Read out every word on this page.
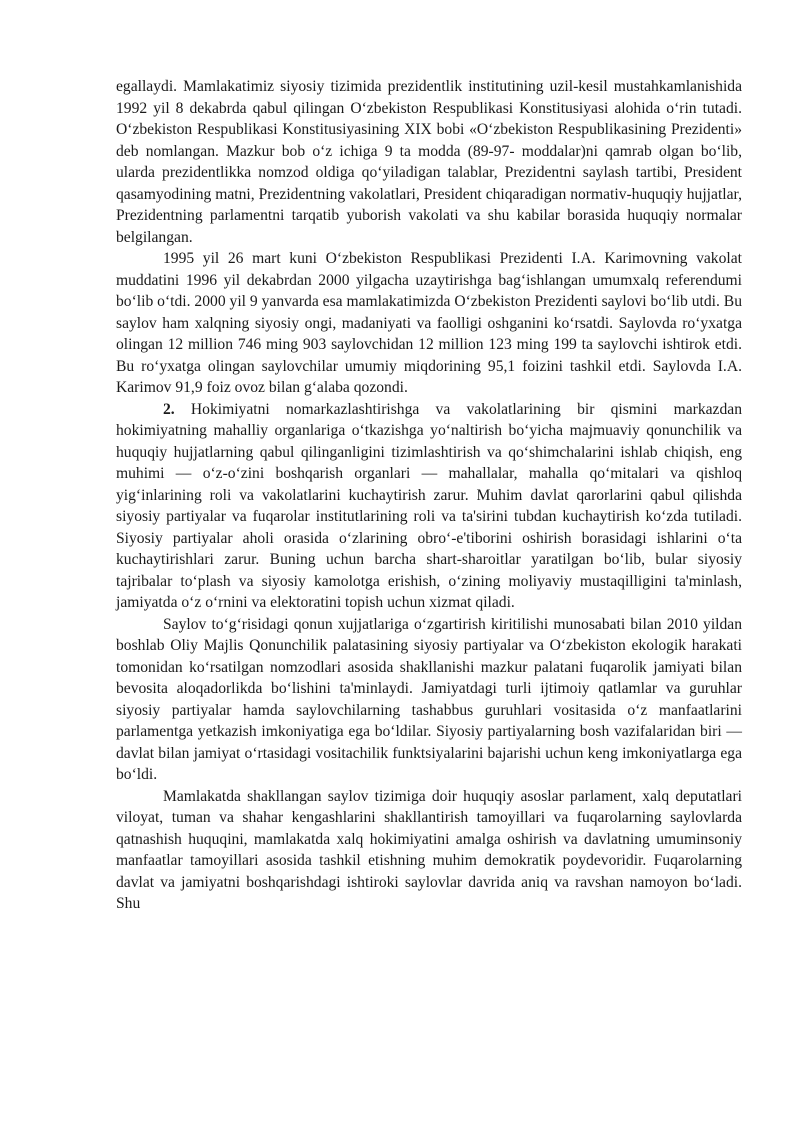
egallaydi. Mamlakatimiz siyosiy tizimida prezidentlik institutining uzil-kesil mustahkamlanishida 1992 yil 8 dekabrda qabul qilingan O‘zbekiston Respublikasi Konstitusiyasi alohida o‘rin tutadi. O‘zbekiston Respublikasi Konstitusiyasining XIX bobi «O‘zbekiston Respublikasining Prezidenti» deb nomlangan. Mazkur bob o‘z ichiga 9 ta modda (89-97- moddalar)ni qamrab olgan bo‘lib, ularda prezidentlikka nomzod oldiga qo‘yiladigan talablar, Prezidentni saylash tartibi, President qasamyodining matni, Prezidentning vakolatlari, President chiqaradigan normativ-huquqiy hujjatlar, Prezidentning parlamentni tarqatib yuborish vakolati va shu kabilar borasida huquqiy normalar belgilangan.

1995 yil 26 mart kuni O‘zbekiston Respublikasi Prezidenti I.A. Karimovning vakolat muddatini 1996 yil dekabrdan 2000 yilgacha uzaytirishga bag‘ishlangan umumxalq referendumi bo‘lib o‘tdi. 2000 yil 9 yanvarda esa mamlakatimizda O‘zbekiston Prezidenti saylovi bo‘lib utdi. Bu saylov ham xalqning siyosiy ongi, madaniyati va faolligi oshganini ko‘rsatdi. Saylovda ro‘yxatga olingan 12 million 746 ming 903 saylovchidan 12 million 123 ming 199 ta saylovchi ishtirok etdi. Bu ro‘yxatga olingan saylovchilar umumiy miqdorining 95,1 foizini tashkil etdi. Saylovda I.A. Karimov 91,9 foiz ovoz bilan g‘alaba qozondi.

2. Hokimiyatni nomarkazlashtirishga va vakolatlarining bir qismini markazdan hokimiyatning mahalliy organlariga o‘tkazishga yo‘naltirish bo‘yicha majmuaviy qonunchilik va huquqiy hujjatlarning qabul qilinganligini tizimlashtirish va qo‘shimchalarini ishlab chiqish, eng muhimi — o‘z-o‘zini boshqarish organlari — mahallalar, mahalla qo‘mitalari va qishloq yig‘inlarining roli va vakolatlarini kuchaytirish zarur. Muhim davlat qarorlarini qabul qilishda siyosiy partiyalar va fuqarolar institutlarining roli va ta'sirini tubdan kuchaytirish ko‘zda tutiladi. Siyosiy partiyalar aholi orasida o‘zlarining obro‘-e'tiborini oshirish borasidagi ishlarini o‘ta kuchaytirishlari zarur. Buning uchun barcha shart-sharoitlar yaratilgan bo‘lib, bular siyosiy tajribalar to‘plash va siyosiy kamolotga erishish, o‘zining moliyaviy mustaqilligini ta'minlash, jamiyatda o‘z o‘rnini va elektoratini topish uchun xizmat qiladi.

Saylov to‘g‘risidagi qonun xujjatlariga o‘zgartirish kiritilishi munosabati bilan 2010 yildan boshlab Oliy Majlis Qonunchilik palatasining siyosiy partiyalar va O‘zbekiston ekologik harakati tomonidan ko‘rsatilgan nomzodlari asosida shakllanishi mazkur palatani fuqarolik jamiyati bilan bevosita aloqadorlikda bo‘lishini ta'minlaydi. Jamiyatdagi turli ijtimoiy qatlamlar va guruhlar siyosiy partiyalar hamda saylovchilarning tashabbus guruhlari vositasida o‘z manfaatlarini parlamentga yetkazish imkoniyatiga ega bo‘ldilar. Siyosiy partiyalarning bosh vazifalaridan biri — davlat bilan jamiyat o‘rtasidagi vositachilik funktsiyalarini bajarishi uchun keng imkoniyatlarga ega bo‘ldi.

Mamlakatda shakllangan saylov tizimiga doir huquqiy asoslar parlament, xalq deputatlari viloyat, tuman va shahar kengashlarini shakllantirish tamoyillari va fuqarolarning saylovlarda qatnashish huquqini, mamlakatda xalq hokimiyatini amalga oshirish va davlatning umuminsoniy manfaatlar tamoyillari asosida tashkil etishning muhim demokratik poydevoridir. Fuqarolarning davlat va jamiyatni boshqarishdagi ishtiroki saylovlar davrida aniq va ravshan namoyon bo‘ladi. Shu
